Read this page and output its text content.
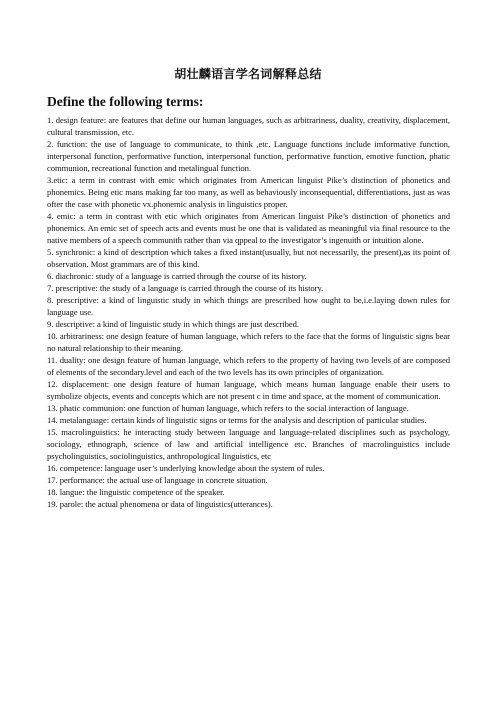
胡壮麟语言学名词解释总结
Define the following terms:

1. design feature: are features that define our human languages, such as arbitrariness, duality, creativity, displacement, cultural transmission, etc.

2. function: the use of language to communicate, to think ,etc. Language functions include imformative function, interpersonal function, performative function, interpersonal function, performative function, emotive function, phatic communion, recreational function and metalingual function.

3.etic: a term in contrast with emic which originates from American linguist Pike’s distinction of phonetics and phonemics. Being etic mans making far too many, as well as behaviously inconsequential, differentiations, just as was ofter the case with phonetic vx.phonemic analysis in linguistics proper.

4. emic: a term in contrast with etic which originates from American linguist Pike’s distinction of phonetics and phonemics. An emic set of speech acts and events must be one that is validated as meaningful via final resource to the native members of a speech communith rather than via qppeal to the investigator’s ingenuith or intuition alone.

5. synchronic: a kind of description which takes a fixed instant(usually, but not necessarily, the present),as its point of observation. Most grammars are of this kind.

6. diachronic: study of a language is carried through the course of its history.

7. prescriptive: the study of a language is carried through the course of its history.

8. prescriptive: a kind of linguistic study in which things are prescribed how ought to be,i.e.laying down rules for language use.

9. descriptive: a kind of linguistic study in which things are just described.

10. arbitrariness: one design feature of human language, which refers to the face that the forms of linguistic signs bear no natural relationship to their meaning.

11. duality: one design feature of human language, which refers to the property of having two levels of are composed of elements of the secondary.level and each of the two levels has its own principles of organization.

12. displacement: one design feature of human language, which means human language enable their users to symbolize objects, events and concepts which are not present c in time and space, at the moment of communication.

13. phatic communion: one function of human language, which refers to the social interaction of language.

14. metalanguage: certain kinds of linguistic signs or terms for the analysis and description of particular studies.

15. macrolinguistics: he interacting study between language and language-related disciplines such as psychology, sociology, ethnograph, science of law and artificial intelligence etc. Branches of macrolinguistics include psycholinguistics, sociolinguistics, anthropological linguistics, etc

16. competence: language user’s underlying knowledge about the system of rules.

17. performance: the actual use of language in concrete situation.

18. langue: the linguistic competence of the speaker.

19. parole: the actual phenomena or data of linguistics(utterances).
